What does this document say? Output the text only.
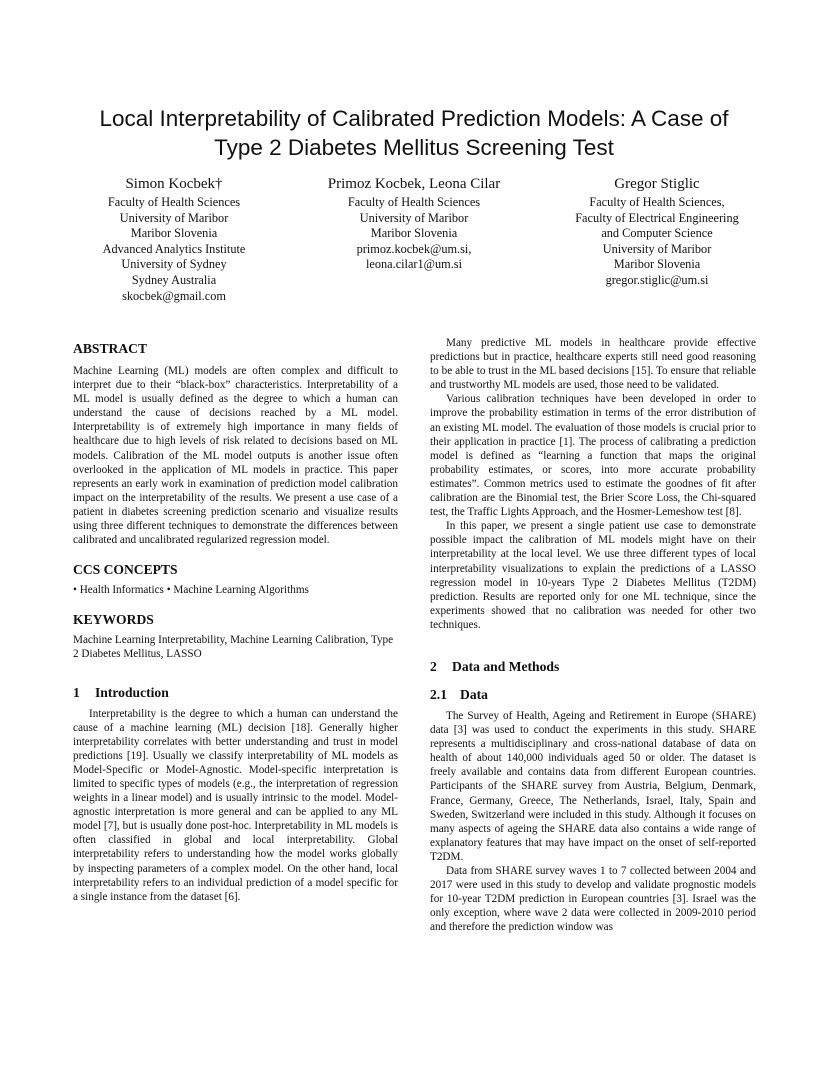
Local Interpretability of Calibrated Prediction Models: A Case of
Type 2 Diabetes Mellitus Screening Test
Simon Kocbek†
Faculty of Health Sciences
University of Maribor
Maribor Slovenia
Advanced Analytics Institute
University of Sydney
Sydney Australia
skocbek@gmail.com
Primoz Kocbek, Leona Cilar
Faculty of Health Sciences
University of Maribor
Maribor Slovenia
primoz.kocbek@um.si,
leona.cilar1@um.si
Gregor Stiglic
Faculty of Health Sciences,
Faculty of Electrical Engineering
and Computer Science
University of Maribor
Maribor Slovenia
gregor.stiglic@um.si
ABSTRACT

Machine Learning (ML) models are often complex and difficult to interpret due to their “black-box” characteristics. Interpretability of a ML model is usually defined as the degree to which a human can understand the cause of decisions reached by a ML model. Interpretability is of extremely high importance in many fields of healthcare due to high levels of risk related to decisions based on ML models. Calibration of the ML model outputs is another issue often overlooked in the application of ML models in practice. This paper represents an early work in examination of prediction model calibration impact on the interpretability of the results. We present a use case of a patient in diabetes screening prediction scenario and visualize results using three different techniques to demonstrate the differences between calibrated and uncalibrated regularized regression model.

CCS CONCEPTS

• Health Informatics • Machine Learning Algorithms

KEYWORDS

Machine Learning Interpretability, Machine Learning Calibration, Type 2 Diabetes Mellitus, LASSO

1 Introduction

Interpretability is the degree to which a human can understand the cause of a machine learning (ML) decision [18]. Generally higher interpretability correlates with better understanding and trust in model predictions [19]. Usually we classify interpretability of ML models as Model-Specific or Model-Agnostic. Model-specific interpretation is limited to specific types of models (e.g., the interpretation of regression weights in a linear model) and is usually intrinsic to the model. Model-agnostic interpretation is more general and can be applied to any ML model [7], but is usually done post-hoc. Interpretability in ML models is often classified in global and local interpretability. Global interpretability refers to understanding how the model works globally by inspecting parameters of a complex model. On the other hand, local interpretability refers to an individual prediction of a model specific for a single instance from the dataset [6].

Many predictive ML models in healthcare provide effective predictions but in practice, healthcare experts still need good reasoning to be able to trust in the ML based decisions [15]. To ensure that reliable and trustworthy ML models are used, those need to be validated.

Various calibration techniques have been developed in order to improve the probability estimation in terms of the error distribution of an existing ML model. The evaluation of those models is crucial prior to their application in practice [1]. The process of calibrating a prediction model is defined as “learning a function that maps the original probability estimates, or scores, into more accurate probability estimates”. Common metrics used to estimate the goodnes of fit after calibration are the Binomial test, the Brier Score Loss, the Chi-squared test, the Traffic Lights Approach, and the Hosmer-Lemeshow test [8].

In this paper, we present a single patient use case to demonstrate possible impact the calibration of ML models might have on their interpretability at the local level. We use three different types of local interpretability visualizations to explain the predictions of a LASSO regression model in 10-years Type 2 Diabetes Mellitus (T2DM) prediction. Results are reported only for one ML technique, since the experiments showed that no calibration was needed for other two techniques.

2 Data and Methods
2.1 Data

The Survey of Health, Ageing and Retirement in Europe (SHARE) data [3] was used to conduct the experiments in this study. SHARE represents a multidisciplinary and cross-national database of data on health of about 140,000 individuals aged 50 or older. The dataset is freely available and contains data from different European countries. Participants of the SHARE survey from Austria, Belgium, Denmark, France, Germany, Greece, The Netherlands, Israel, Italy, Spain and Sweden, Switzerland were included in this study. Although it focuses on many aspects of ageing the SHARE data also contains a wide range of explanatory features that may have impact on the onset of self-reported T2DM.

Data from SHARE survey waves 1 to 7 collected between 2004 and 2017 were used in this study to develop and validate prognostic models for 10-year T2DM prediction in European countries [3]. Israel was the only exception, where wave 2 data were collected in 2009-2010 period and therefore the prediction window was
